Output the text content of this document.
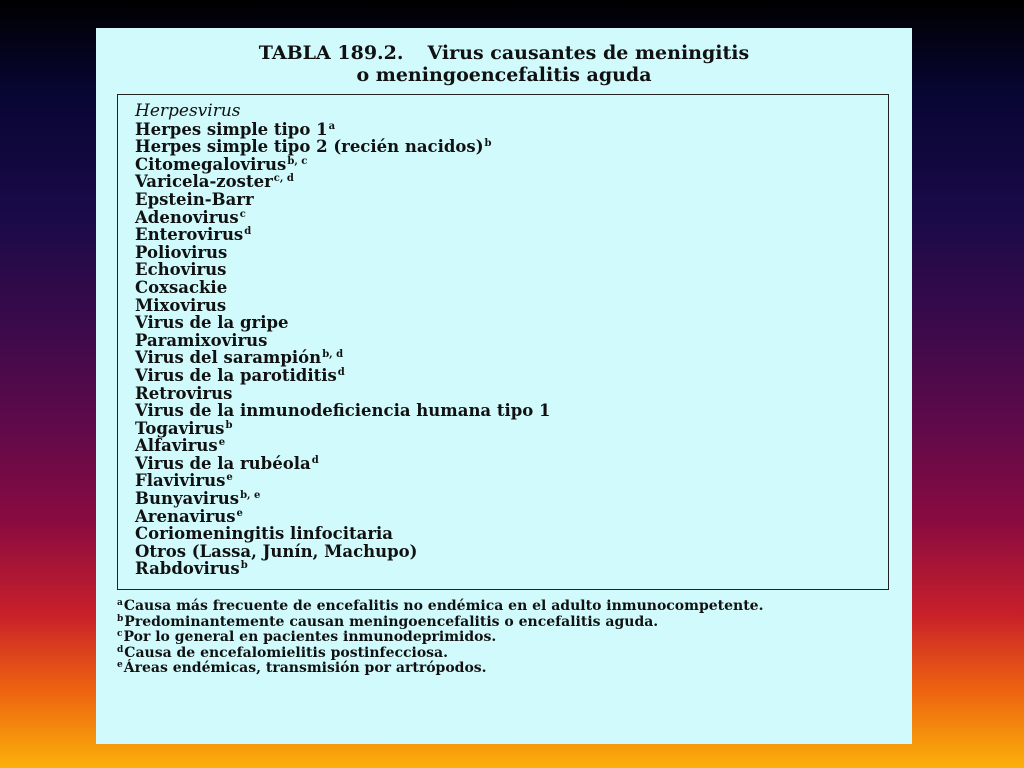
TABLA 189.2. Virus causantes de meningitis
o meningoencefalitis aguda
Herpesvirus
Herpes simple tipo 1$^a$
Herpes simple tipo 2 (recién nacidos)$^b$
Citomegalovirus$^{b, c}$
Varicela-zoster$^{c, d}$
Epstein-Barr
Adenovirus$^c$
Enterovirus$^d$
Poliovirus
Echovirus
Coxsackie
Mixovirus
Virus de la gripe
Paramixovirus
Virus del sarampión$^{b, d}$
Virus de la parotiditis$^d$
Retrovirus
Virus de la inmunodeficiencia humana tipo 1
Togavirus$^b$
Alfavirus$^e$
Virus de la rubéola$^d$
Flavivirus$^e$
Bunyavirus$^{b, e}$
Arenavirus$^e$
Coriomeningitis linfocitaria
Otros (Lassa, Junín, Machupo)
Rabdovirus$^b$
$^a$Causa más frecuente de encefalitis no endémica en el adulto inmunocompetente.
$^b$Predominantemente causan meningoencefalitis o encefalitis aguda.
$^c$Por lo general en pacientes inmunodeprimidos.
$^d$Causa de encefalomielitis postinfecciosa.
$^e$Áreas endémicas, transmisión por artrópodos.
